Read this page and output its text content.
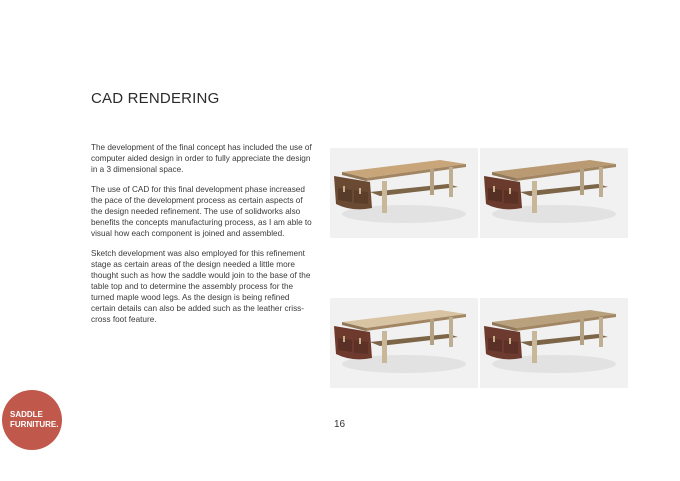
CAD RENDERING

The development of the final concept has included the use of computer aided design in order to fully appreciate the design in a 3 dimensional space.

The use of CAD for this final development phase increased the pace of the development process as certain aspects of the design needed refinement. The use of solidworks also benefits the concepts manufacturing process, as I am able to visual how each component is joined and assembled.

Sketch development was also employed for this refinement stage as certain areas of the design needed a little more thought such as how the saddle would join to the base of the table top and to determine the assembly process for the turned maple wood legs. As the design is being refined certain details can also be added such as the leather criss-cross foot feature.

SADDLE
FURNITURE.	16
